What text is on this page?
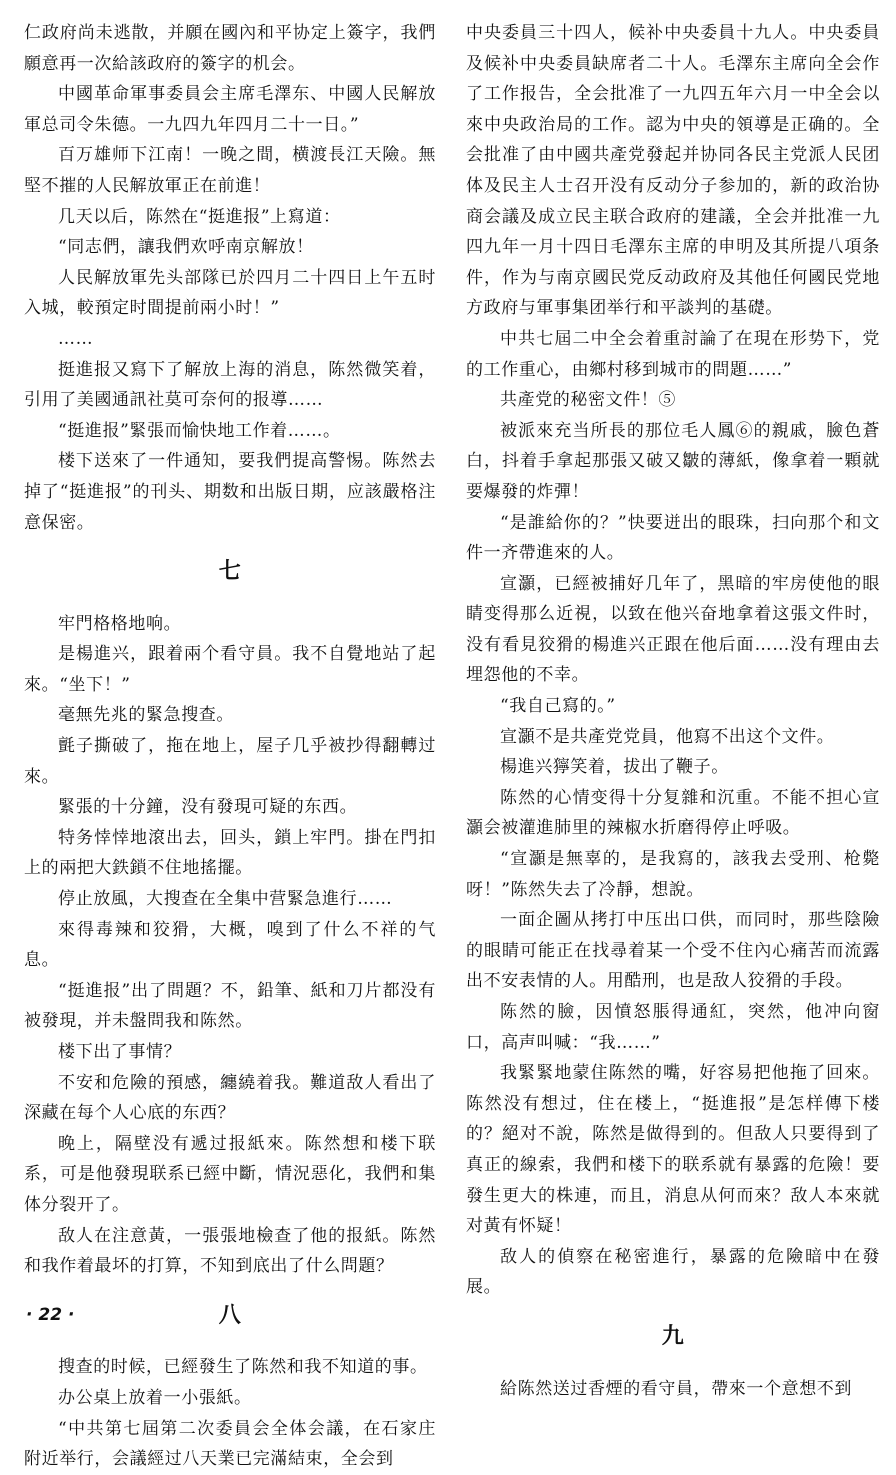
仁政府尚未逃散，并願在國內和平协定上簽字，我們願意再一次給該政府的簽字的机会。

中國革命軍事委員会主席毛澤东、中國人民解放軍总司令朱德。一九四九年四月二十一日。”

百万雄师下江南！一晚之間，横渡長江天險。無堅不摧的人民解放軍正在前進！

几天以后，陈然在“挺進报”上寫道：

“同志們，讓我們欢呼南京解放！

人民解放軍先头部隊已於四月二十四日上午五时入城，較預定时間提前兩小时！”

……

挺進报又寫下了解放上海的消息，陈然微笑着，引用了美國通訊社莫可奈何的报導……

“挺進报”緊張而愉快地工作着……。

楼下送來了一件通知，要我們提高警惕。陈然去掉了“挺進报”的刊头、期数和出版日期，应該嚴格注意保密。

七

牢門格格地响。

是楊進兴，跟着兩个看守員。我不自覺地站了起來。“坐下！”

毫無先兆的緊急搜查。

氈子撕破了，拖在地上，屋子几乎被抄得翻轉过來。

緊張的十分鐘，没有發現可疑的东西。

特务悻悻地滾出去，回头，鎖上牢門。掛在門扣上的兩把大鉄鎖不住地搖擺。

停止放風，大搜查在全集中营緊急進行……

來得毒辣和狡猾，大概，嗅到了什么不祥的气息。

“挺進报”出了問題？不，鉛筆、紙和刀片都没有被發現，并未盤問我和陈然。

楼下出了事情？

不安和危險的預感，纏繞着我。難道敌人看出了深藏在每个人心底的东西？

晚上，隔壁没有遞过报紙來。陈然想和楼下联系，可是他發現联系已經中斷，情況惡化，我們和集体分裂开了。

敌人在注意黃，一張張地檢查了他的报紙。陈然和我作着最坏的打算，不知到底出了什么問題？

八

搜查的时候，已經發生了陈然和我不知道的事。

办公桌上放着一小張紙。

“中共第七屆第二次委員会全体会議，在石家庄附近举行，会議經过八天業已完滿結束，全会到

中央委員三十四人，候补中央委員十九人。中央委員及候补中央委員缺席者二十人。毛澤东主席向全会作了工作报告，全会批准了一九四五年六月一中全会以來中央政治局的工作。認为中央的領導是正确的。全会批准了由中國共產党發起并协同各民主党派人民团体及民主人士召开没有反动分子参加的，新的政治协商会議及成立民主联合政府的建議，全会并批准一九四九年一月十四日毛澤东主席的申明及其所提八項条件，作为与南京國民党反动政府及其他任何國民党地方政府与軍事集团举行和平談判的基礎。

中共七屆二中全会着重討論了在現在形势下，党的工作重心，由鄉村移到城市的問題……”

共產党的秘密文件！⑤

被派來充当所長的那位毛人鳳⑥的親戚，臉色蒼白，抖着手拿起那張又破又皺的薄紙，像拿着一顆就要爆發的炸彈！

“是誰給你的？”快要迸出的眼珠，扫向那个和文件一齐帶進來的人。

宣灝，已經被捕好几年了，黑暗的牢房使他的眼睛变得那么近視，以致在他兴奋地拿着这張文件时，没有看見狡猾的楊進兴正跟在他后面……没有理由去埋怨他的不幸。

“我自己寫的。”

宣灝不是共產党党員，他寫不出这个文件。

楊進兴獰笑着，拔出了鞭子。

陈然的心情变得十分复雜和沉重。不能不担心宣灝会被灌進肺里的辣椒水折磨得停止呼吸。

“宣灝是無辜的，是我寫的，該我去受刑、枪斃呀！”陈然失去了冷靜，想說。

一面企圖从拷打中压出口供，而同时，那些陰險的眼睛可能正在找尋着某一个受不住內心痛苦而流露出不安表情的人。用酷刑，也是敌人狡猾的手段。

陈然的臉，因憤怒脹得通紅，突然，他冲向窗口，高声叫喊：“我……”

我緊緊地蒙住陈然的嘴，好容易把他拖了回來。陈然没有想过，住在楼上，“挺進报”是怎样傳下楼的？絕对不說，陈然是做得到的。但敌人只要得到了真正的線索，我們和楼下的联系就有暴露的危險！要發生更大的株連，而且，消息从何而來？敌人本來就对黃有怀疑！

敌人的偵察在秘密進行，暴露的危險暗中在發展。

九

給陈然送过香煙的看守員，帶來一个意想不到

· 22 ·
